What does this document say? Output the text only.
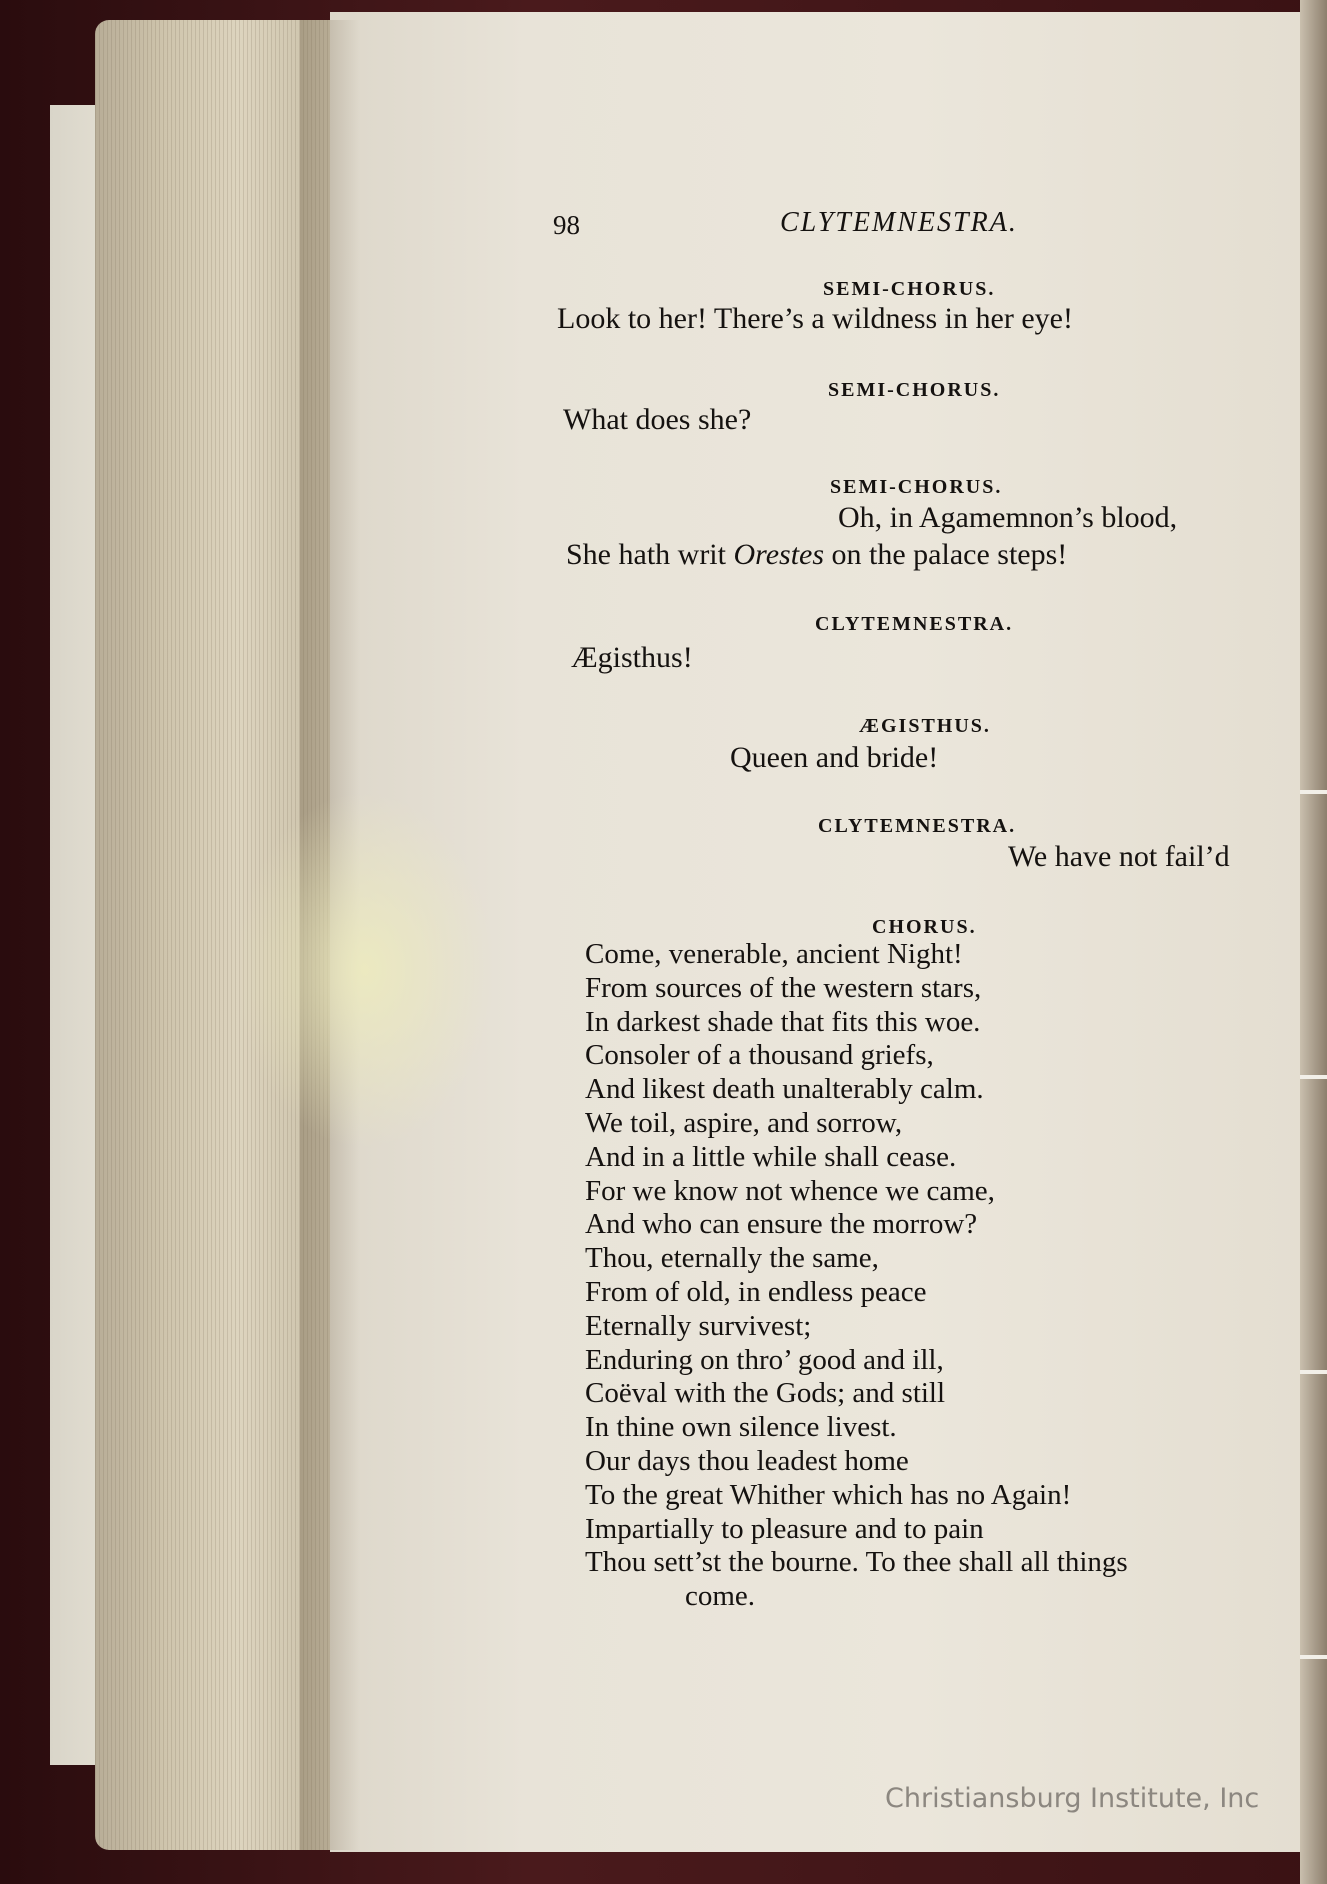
98	CLYTEMNESTRA.
SEMI-CHORUS.
Look to her! There’s a wildness in her eye!
SEMI-CHORUS.
What does she?
SEMI-CHORUS.
Oh, in Agamemnon’s blood,
She hath writ Orestes on the palace steps!
CLYTEMNESTRA.
Ægisthus!
ÆGISTHUS.
Queen and bride!
CLYTEMNESTRA.
We have not fail’d
CHORUS.
Come, venerable, ancient Night!
From sources of the western stars,
In darkest shade that fits this woe.
Consoler of a thousand griefs,
And likest death unalterably calm.
We toil, aspire, and sorrow,
And in a little while shall cease.
For we know not whence we came,
And who can ensure the morrow?
Thou, eternally the same,
From of old, in endless peace
Eternally survivest;
Enduring on thro’ good and ill,
Coëval with the Gods; and still
In thine own silence livest.
Our days thou leadest home
To the great Whither which has no Again!
Impartially to pleasure and to pain
Thou sett’st the bourne. To thee shall all things
come.
Christiansburg Institute, Inc
